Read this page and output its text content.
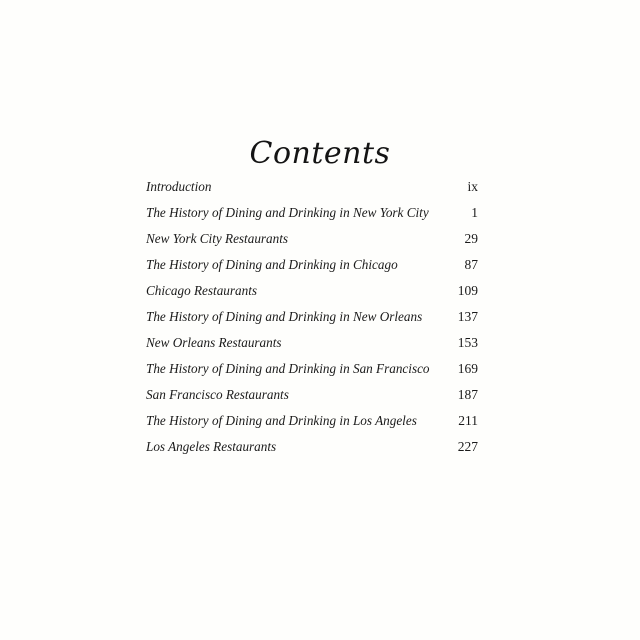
Contents
Introduction	ix
The History of Dining and Drinking in New York City	1
New York City Restaurants	29
The History of Dining and Drinking in Chicago	87
Chicago Restaurants	109
The History of Dining and Drinking in New Orleans	137
New Orleans Restaurants	153
The History of Dining and Drinking in San Francisco	169
San Francisco Restaurants	187
The History of Dining and Drinking in Los Angeles	211
Los Angeles Restaurants	227
